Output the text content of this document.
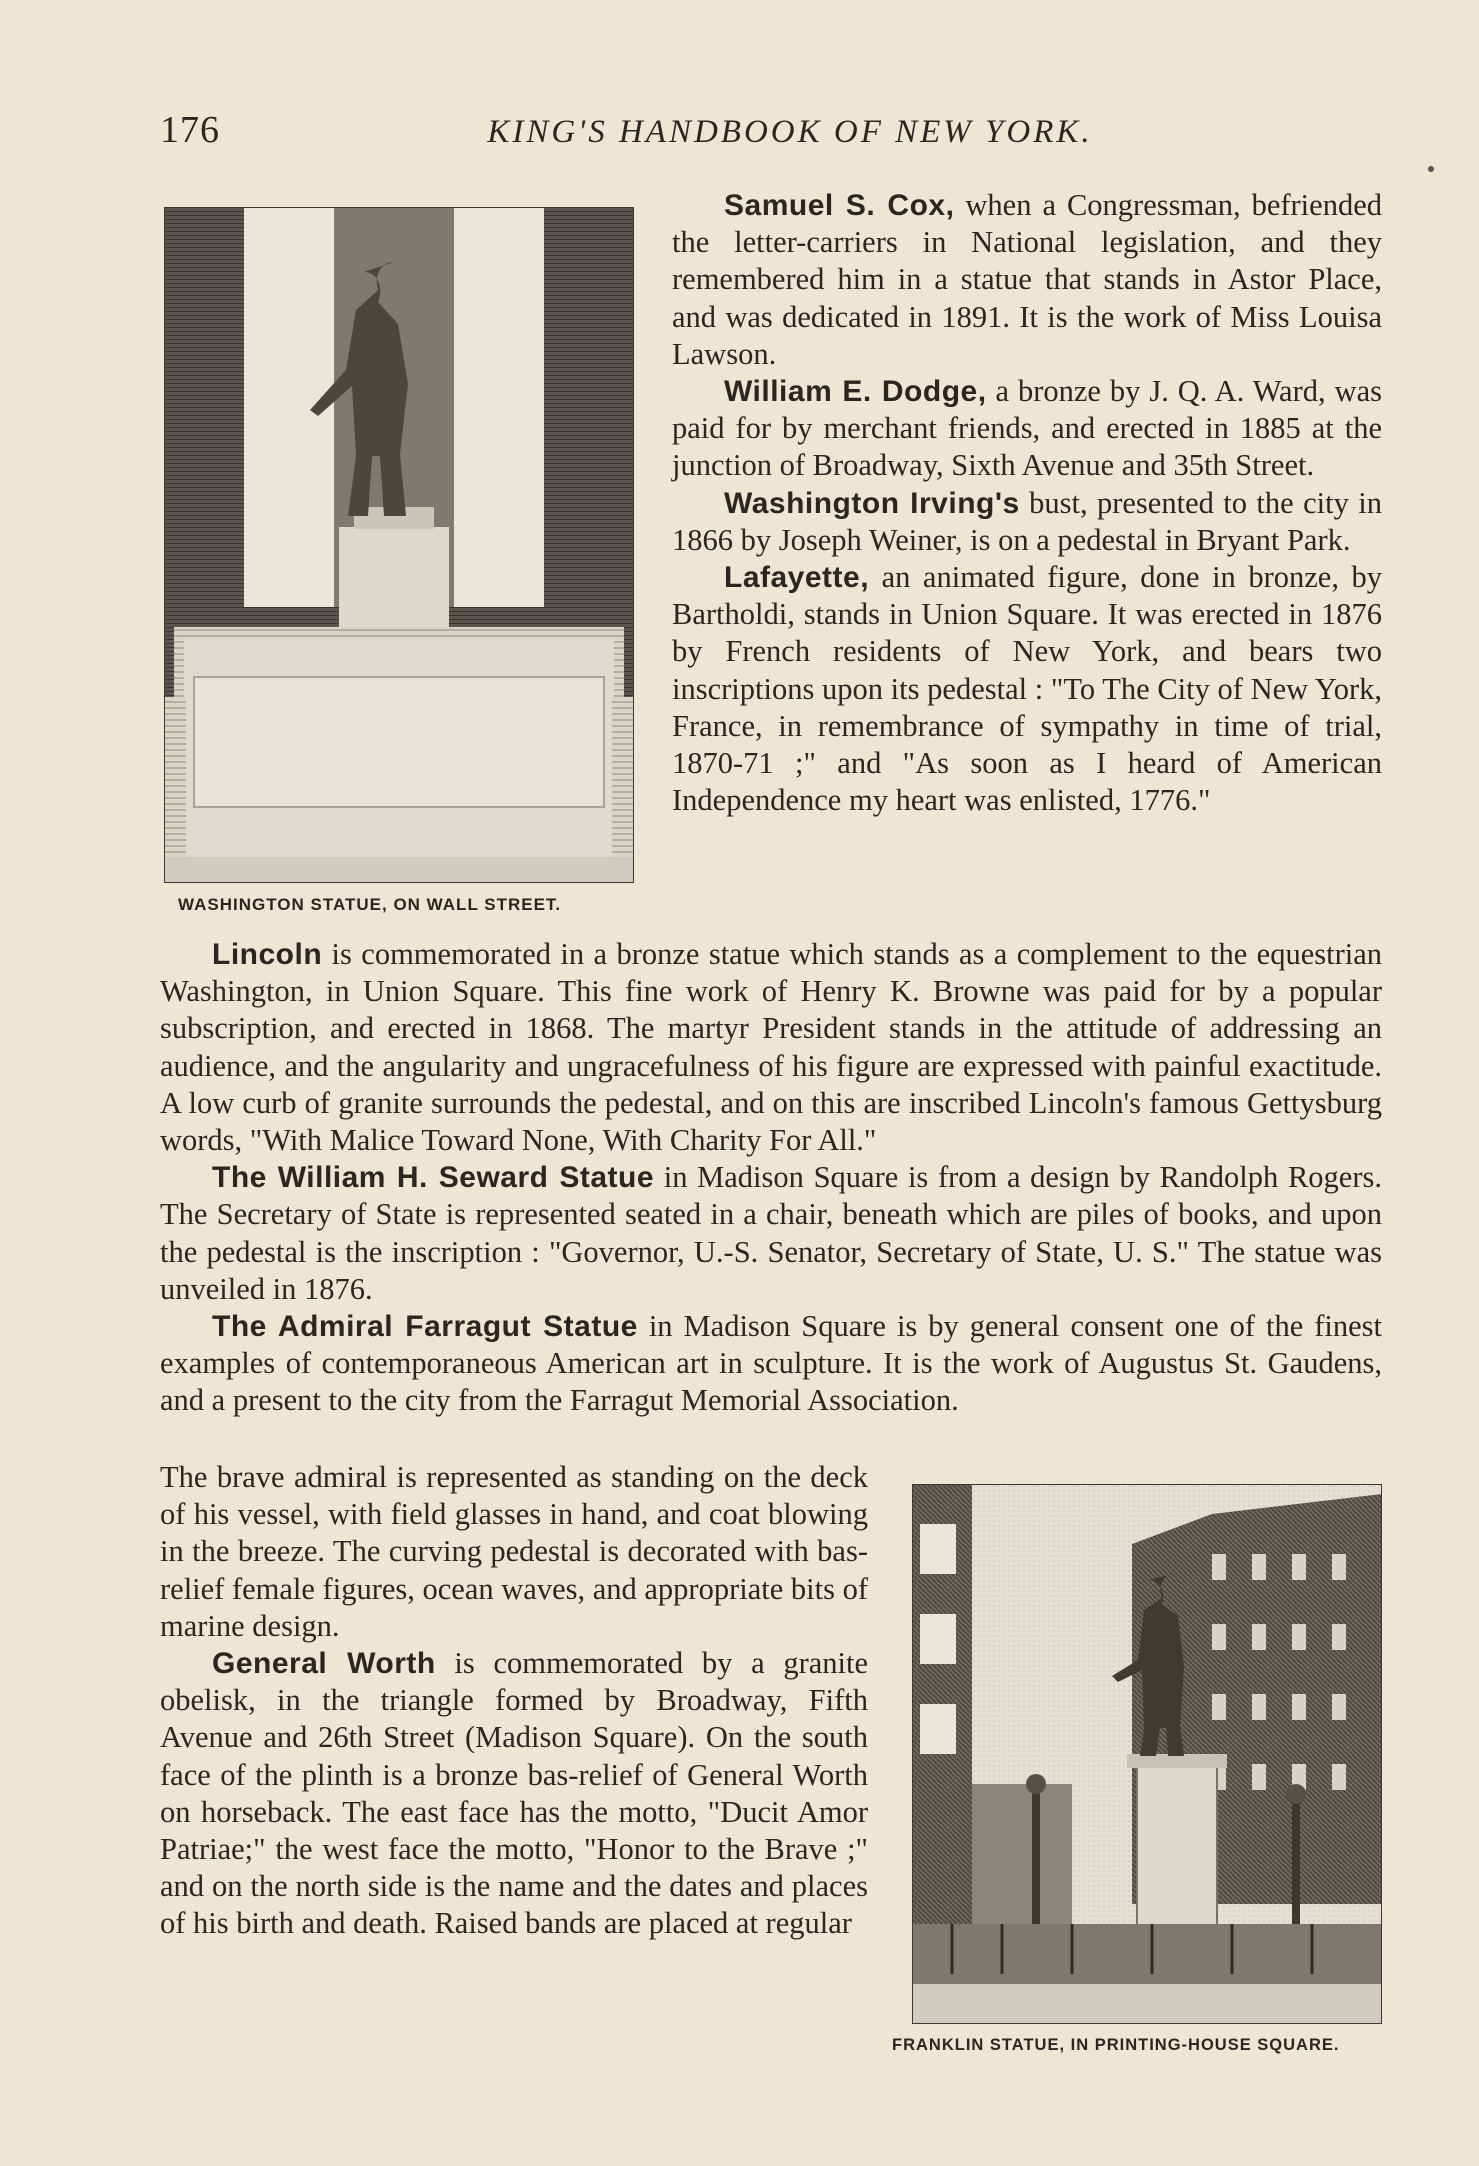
176	KING'S HANDBOOK OF NEW YORK.
WASHINGTON STATUE, ON WALL STREET.

Samuel S. Cox, when a Congressman, befriended the letter-carriers in National legislation, and they remembered him in a statue that stands in Astor Place, and was dedicated in 1891. It is the work of Miss Louisa Lawson.

William E. Dodge, a bronze by J. Q. A. Ward, was paid for by merchant friends, and erected in 1885 at the junction of Broadway, Sixth Avenue and 35th Street.

Washington Irving's bust, presented to the city in 1866 by Joseph Weiner, is on a pedestal in Bryant Park.

Lafayette, an animated figure, done in bronze, by Bartholdi, stands in Union Square. It was erected in 1876 by French residents of New York, and bears two inscriptions upon its pedestal : "To The City of New York, France, in remembrance of sympathy in time of trial, 1870-71 ;" and "As soon as I heard of American Independence my heart was enlisted, 1776."

Lincoln is commemorated in a bronze statue which stands as a complement to the equestrian Washington, in Union Square. This fine work of Henry K. Browne was paid for by a popular subscription, and erected in 1868. The martyr President stands in the attitude of addressing an audience, and the angularity and ungracefulness of his figure are expressed with painful exactitude. A low curb of granite surrounds the pedestal, and on this are inscribed Lincoln's famous Gettysburg words, "With Malice Toward None, With Charity For All."

The William H. Seward Statue in Madison Square is from a design by Randolph Rogers. The Secretary of State is represented seated in a chair, beneath which are piles of books, and upon the pedestal is the inscription : "Governor, U.-S. Senator, Secretary of State, U. S." The statue was unveiled in 1876.

The Admiral Farragut Statue in Madison Square is by general consent one of the finest examples of contemporaneous American art in sculpture. It is the work of Augustus St. Gaudens, and a present to the city from the Farragut Memorial Association.

The brave admiral is represented as standing on the deck of his vessel, with field glasses in hand, and coat blowing in the breeze. The curving pedestal is decorated with bas-relief female figures, ocean waves, and appropriate bits of marine design.

General Worth is commemorated by a granite obelisk, in the triangle formed by Broadway, Fifth Avenue and 26th Street (Madison Square). On the south face of the plinth is a bronze bas-relief of General Worth on horseback. The east face has the motto, "Ducit Amor Patriae;" the west face the motto, "Honor to the Brave ;" and on the north side is the name and the dates and places of his birth and death. Raised bands are placed at regular

FRANKLIN STATUE, IN PRINTING-HOUSE SQUARE.
